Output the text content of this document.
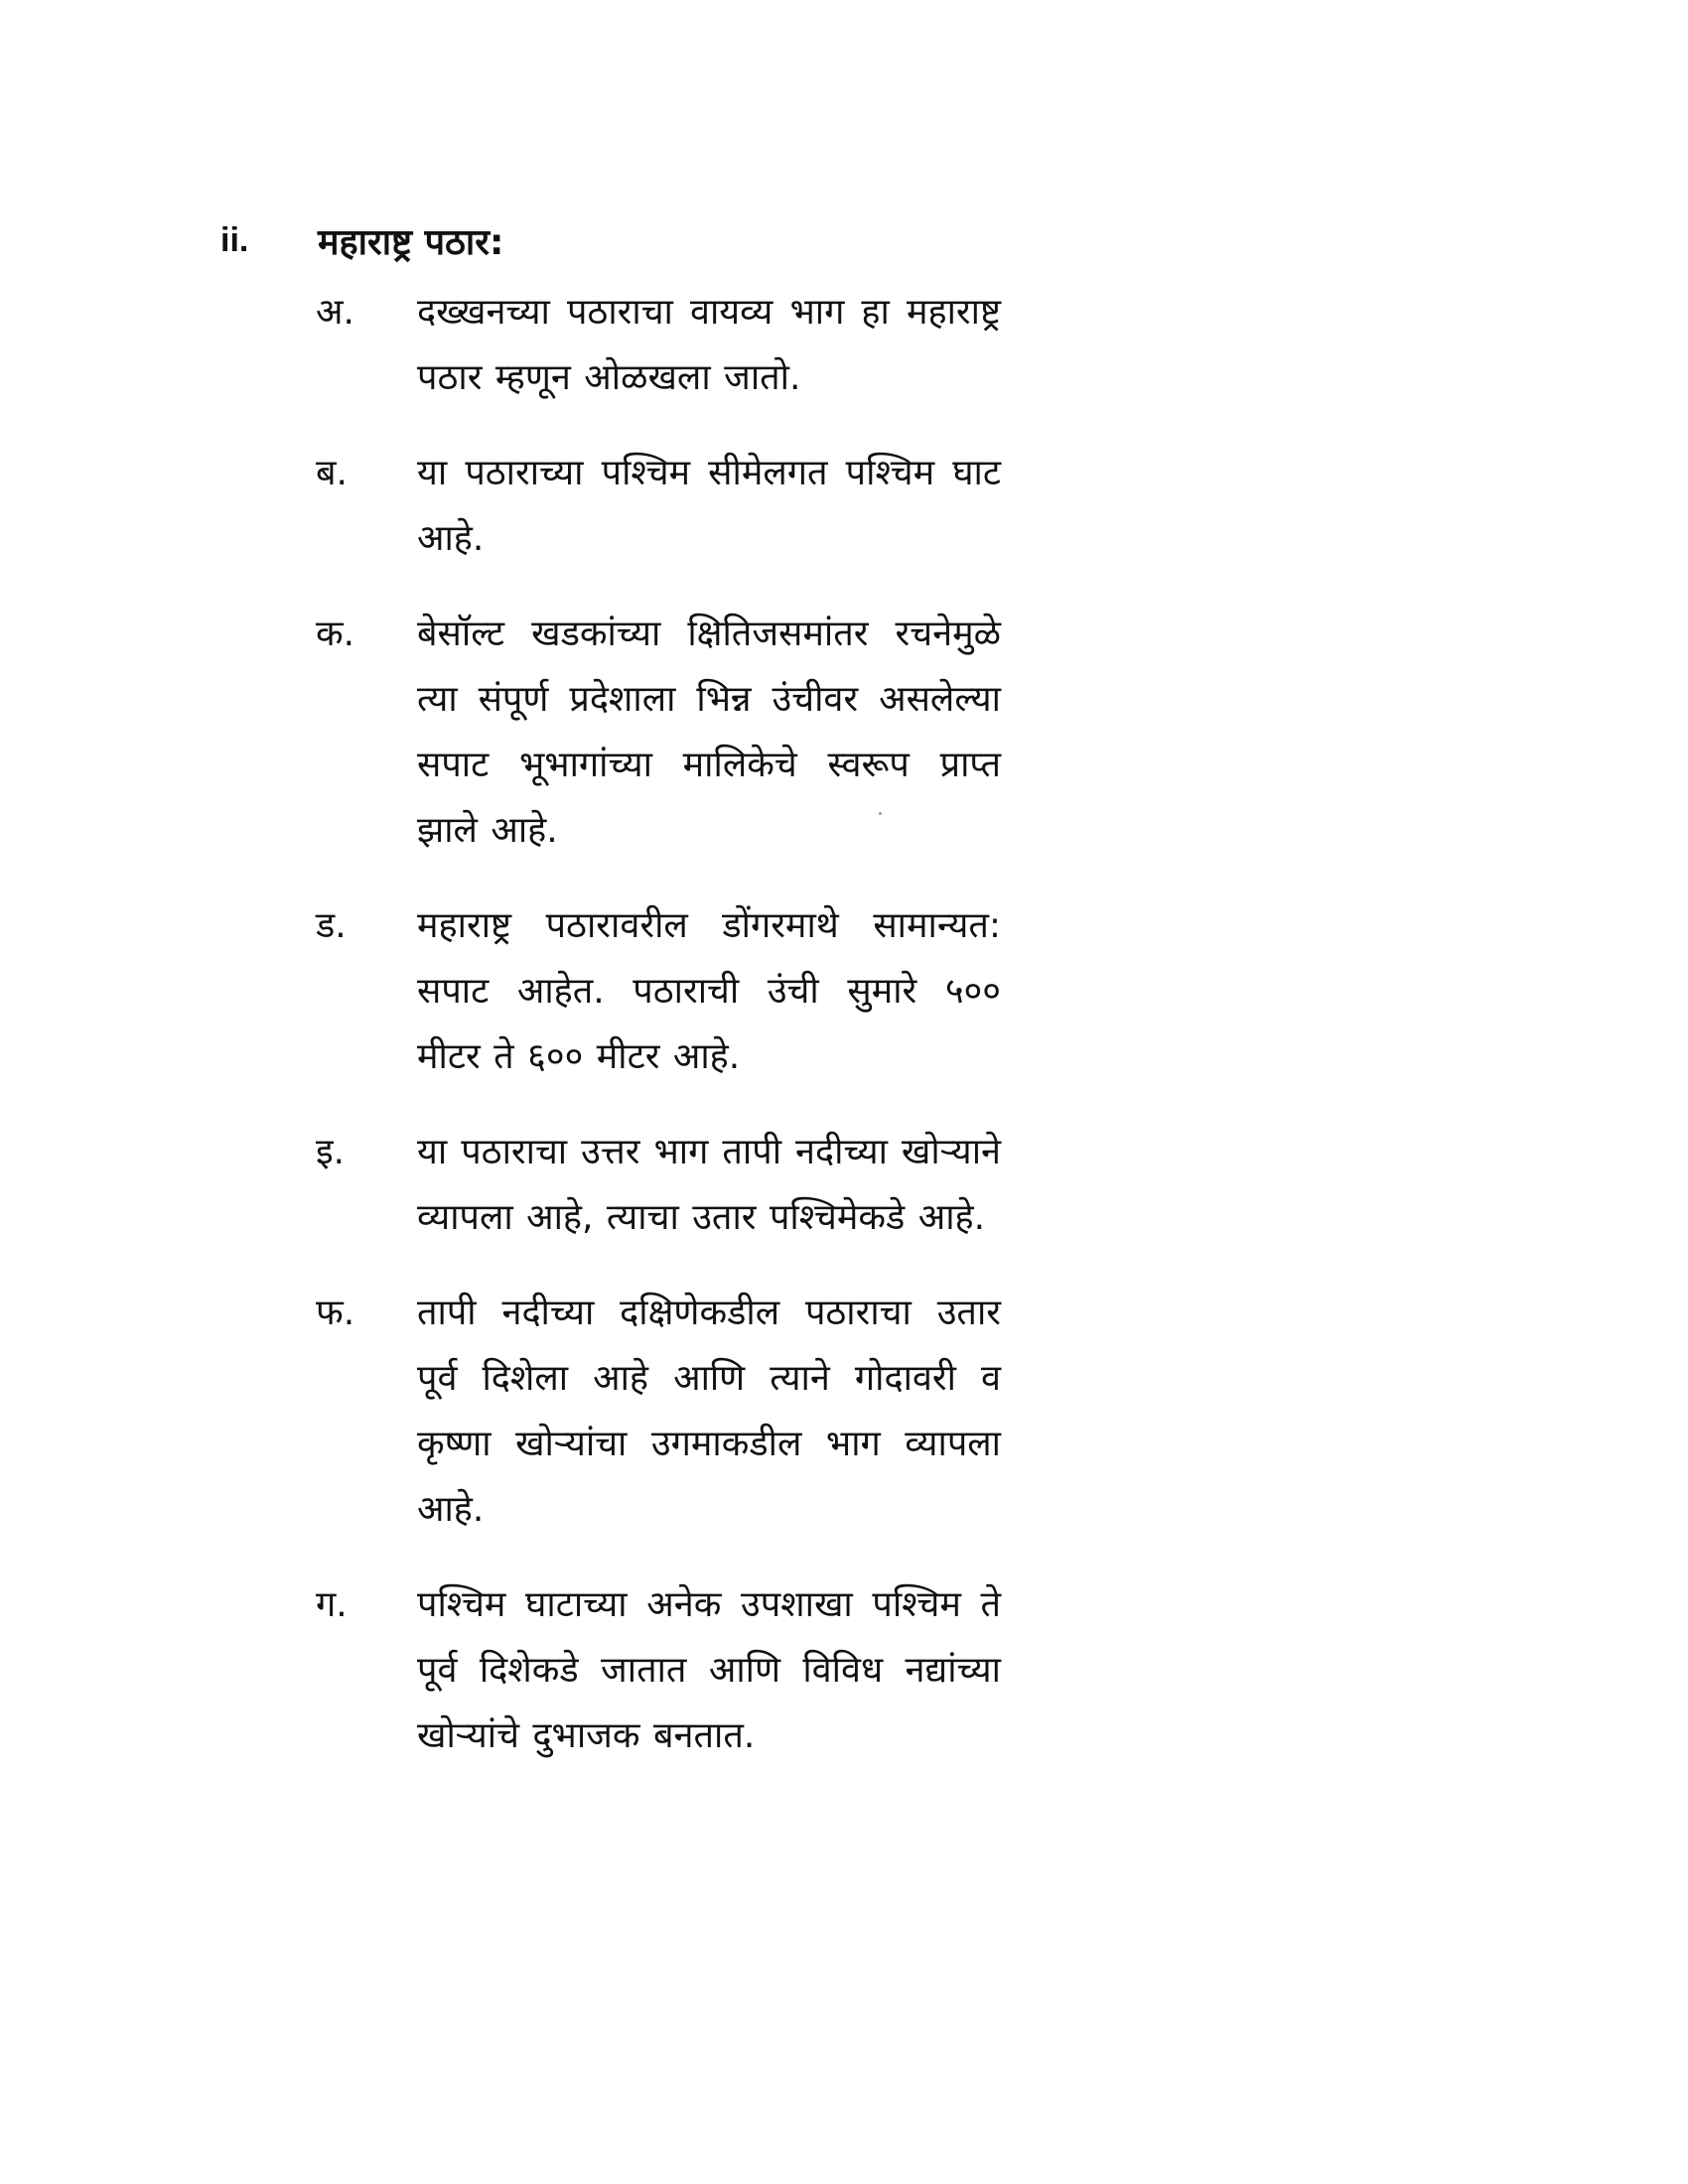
ii.	महाराष्ट्र पठार:
अ.	दख्खनच्या पठाराचा वायव्य भाग हा महाराष्ट्र पठार म्हणून ओळखला जातो.
ब.	या पठाराच्या पश्चिम सीमेलगत पश्चिम घाट आहे.
क.	बेसॉल्ट खडकांच्या क्षितिजसमांतर रचनेमुळे त्या संपूर्ण प्रदेशाला भिन्न उंचीवर असलेल्या सपाट भूभागांच्या मालिकेचे स्वरूप प्राप्त झाले आहे.
ड.	महाराष्ट्र पठारावरील डोंगरमाथे सामान्यत: सपाट आहेत. पठाराची उंची सुमारे ५०० मीटर ते ६०० मीटर आहे.
इ.	या पठाराचा उत्तर भाग तापी नदीच्या खोऱ्याने व्यापला आहे, त्याचा उतार पश्चिमेकडे आहे.
फ.	तापी नदीच्या दक्षिणेकडील पठाराचा उतार पूर्व दिशेला आहे आणि त्याने गोदावरी व कृष्णा खोऱ्यांचा उगमाकडील भाग व्यापला आहे.
ग.	पश्चिम घाटाच्या अनेक उपशाखा पश्चिम ते पूर्व दिशेकडे जातात आणि विविध नद्यांच्या खोऱ्यांचे दुभाजक बनतात.
